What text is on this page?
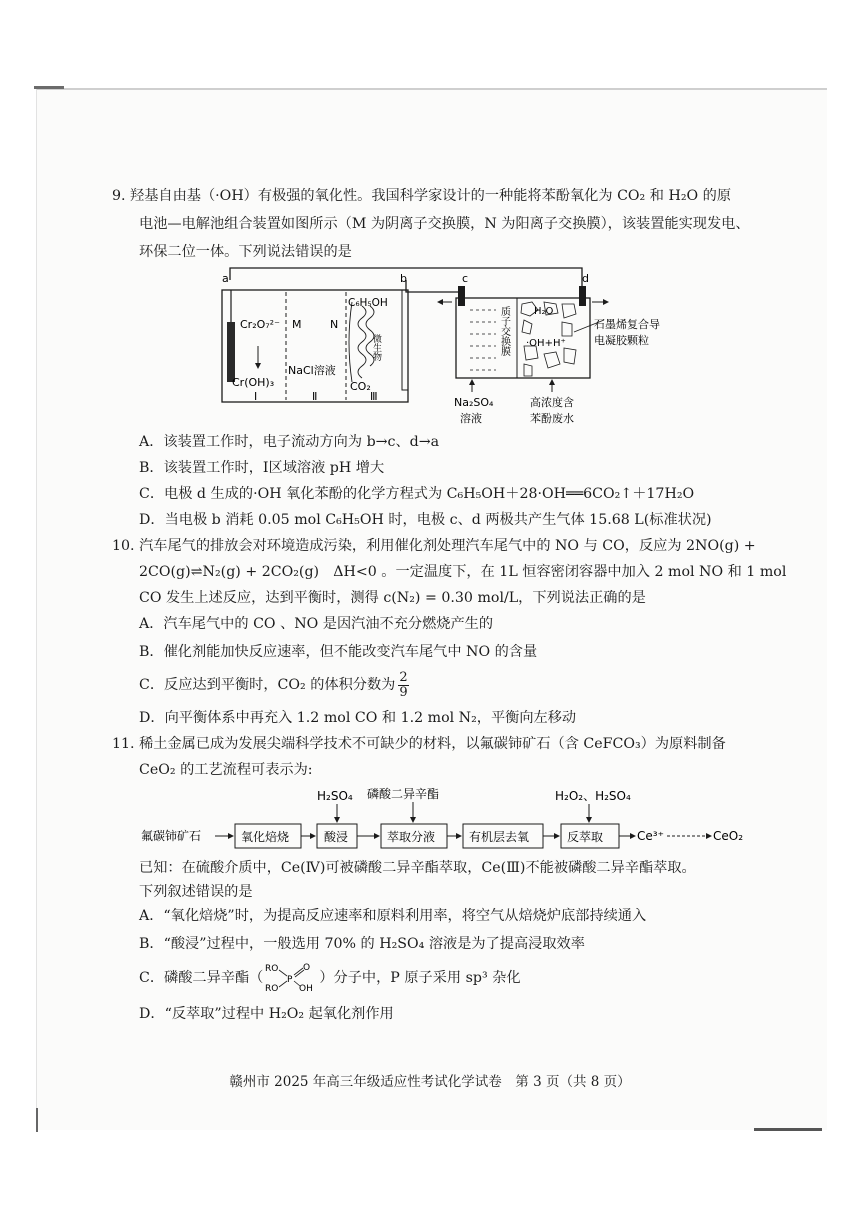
9. 羟基自由基（·OH）有极强的氧化性。我国科学家设计的一种能将苯酚氧化为 CO₂ 和 H₂O 的原
电池—电解池组合装置如图所示（M 为阴离子交换膜，N 为阳离子交换膜），该装置能实现发电、
环保二位一体。下列说法错误的是
a	b
Cr₂O₇²⁻
Cr(OH)₃
M	N
C₆H₅OH
微生物
NaCl溶液
CO₂
Ⅰ	Ⅱ	Ⅲ
c	d
质子交换膜 H₂O
·OH+H⁺
石墨烯复合导
电凝胶颗粒
Na₂SO₄
溶液
高浓度含
苯酚废水
A．该装置工作时，电子流动方向为 b→c、d→a
B．该装置工作时，Ⅰ区域溶液 pH 增大
C．电极 d 生成的·OH 氧化苯酚的化学方程式为 C₆H₅OH＋28·OH══6CO₂↑＋17H₂O
D．当电极 b 消耗 0.05 mol C₆H₅OH 时，电极 c、d 两极共产生气体 15.68 L(标准状况)
10. 汽车尾气的排放会对环境造成污染，利用催化剂处理汽车尾气中的 NO 与 CO，反应为 2NO(g) +
2CO(g)⇌N₂(g) + 2CO₂(g)　ΔH<0 。一定温度下，在 1L 恒容密闭容器中加入 2 mol NO 和 1 mol
CO 发生上述反应，达到平衡时，测得 c(N₂) = 0.30 mol/L，下列说法正确的是
A．汽车尾气中的 CO 、NO 是因汽油不充分燃烧产生的
B．催化剂能加快反应速率，但不能改变汽车尾气中 NO 的含量
C．反应达到平衡时，CO₂ 的体积分数为 $\frac{2}{9}$
D．向平衡体系中再充入 1.2 mol CO 和 1.2 mol N₂，平衡向左移动
11. 稀土金属已成为发展尖端科学技术不可缺少的材料，以氟碳铈矿石（含 CeFCO₃）为原料制备
CeO₂ 的工艺流程可表示为:
氟碳铈矿石	氧化焙烧	酸浸	萃取分液	有机层去氧	反萃取	Ce³⁺	CeO₂
H₂SO₄ 磷酸二异辛酯	H₂O₂、H₂SO₄
已知：在硫酸介质中，Ce(Ⅳ)可被磷酸二异辛酯萃取，Ce(Ⅲ)不能被磷酸二异辛酯萃取。
下列叙述错误的是
A．“氧化焙烧”时，为提高反应速率和原料利用率，将空气从焙烧炉底部持续通入
B．“酸浸”过程中，一般选用 70% 的 H₂SO₄ 溶液是为了提高浸取效率
C．磷酸二异辛酯（
RO
RO
P
O
OH
）分子中，P 原子采用 sp³ 杂化
D．“反萃取”过程中 H₂O₂ 起氧化剂作用
赣州市 2025 年高三年级适应性考试化学试卷　第 3 页（共 8 页）
